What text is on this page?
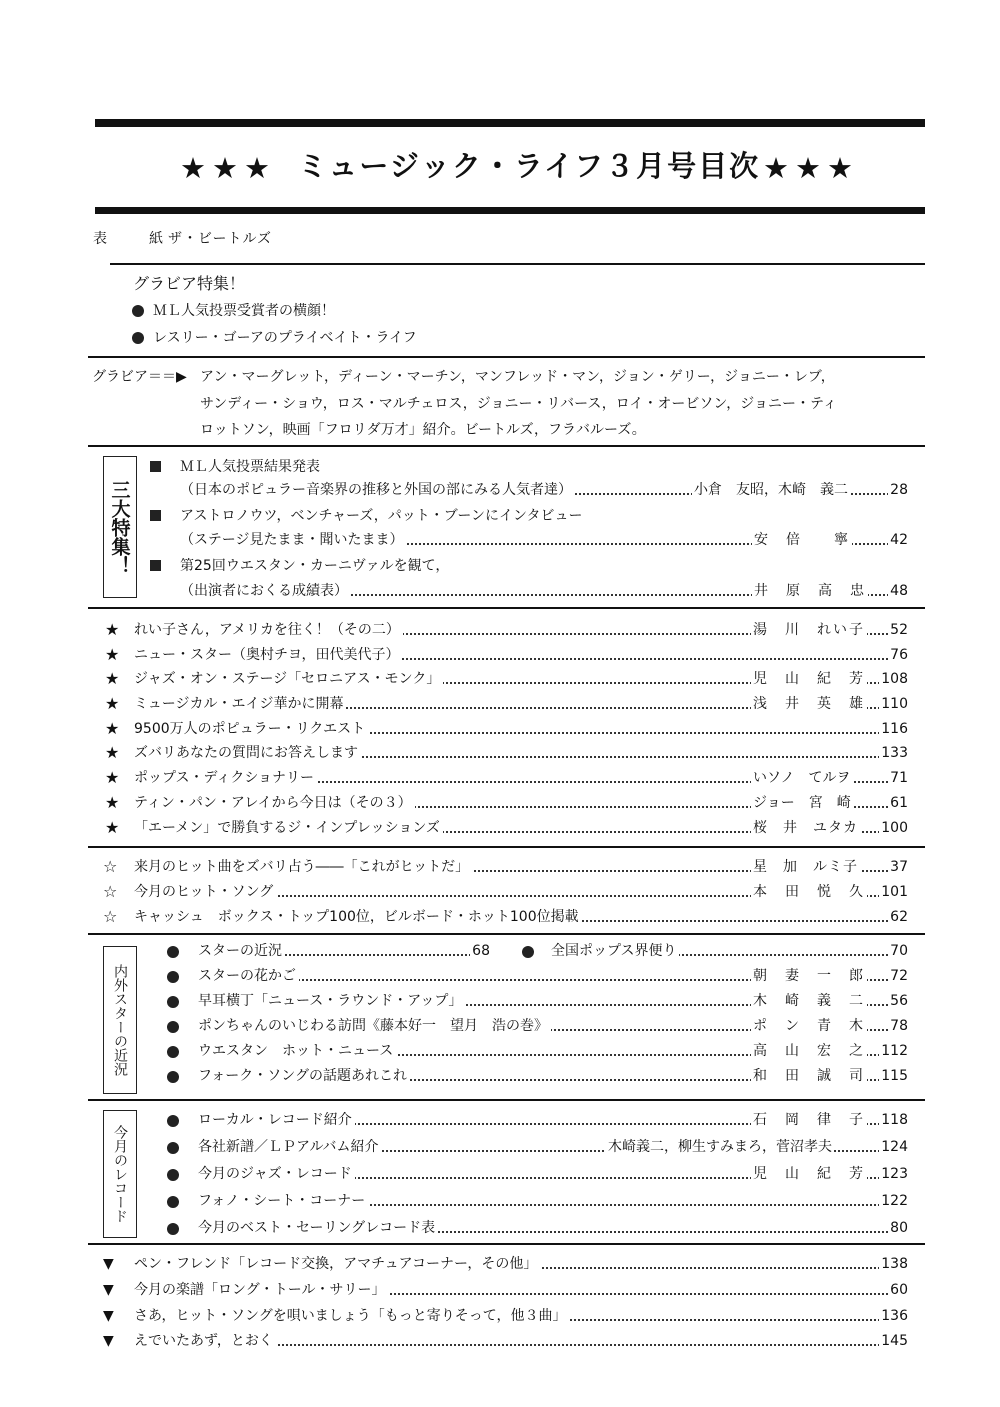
★★★ ミュージック・ライフ３月号目次 ★★★
表　紙
ザ・ビートルズ
グラビア特集！
ＭＬ人気投票受賞者の横顔！
レスリー・ゴーアのプライベイト・ライフ
グラビア＝＝▶ アン・マーグレット，ディーン・マーチン，マンフレッド・マン，ジョン・ゲリー，ジョニー・レブ，
サンディー・ショウ，ロス・マルチェロス，ジョニー・リバース，ロイ・オービソン，ジョニー・ティ
ロットソン，映画「フロリダ万才」紹介。ビートルズ，フラバルーズ。
三大特集！
ＭＬ人気投票結果発表
（日本のポピュラー音楽界の推移と外国の部にみる人気者達）	小倉　友昭，木崎　義二	28
アストロノウツ，ベンチャーズ，パット・ブーンにインタビュー
（ステージ見たまま・聞いたまま）	安　倍　　寧	42
第25回ウエスタン・カーニヴァルを観て，
（出演者におくる成績表）	井　原　高　忠 48
★ れい子さん，アメリカを往く！（その二）	湯　川　れい子 52
★ ニュー・スター（奥村チヨ，田代美代子）	76
★ ジャズ・オン・ステージ「セロニアス・モンク」	児　山　紀　芳 108
★ ミュージカル・エイジ華かに開幕	浅　井　英　雄 110
★ 9500万人のポピュラー・リクエスト	116
★ ズバリあなたの質問にお答えします	133
★ ポップス・ディクショナリー	いソノ　てルヲ	71
★ ティン・パン・アレイから今日は（その３）	ジョー　宮　崎	61
★ 「エーメン」で勝負するジ・インプレッションズ	桜　井　ユタカ 100
☆ 来月のヒット曲をズバリ占う――「これがヒットだ」	星　加　ルミ子 37
☆ 今月のヒット・ソング	本　田　悦　久 101
☆ キャッシュ　ボックス・トップ100位，ビルボード・ホット100位掲載	62
内外スターの近況
スターの近況	68	全国ポップス界便り	70
スターの花かご	朝　妻　一　郎 72
早耳横丁「ニュース・ラウンド・アップ」	木　崎　義　二 56
ポンちゃんのいじわる訪問《藤本好一　望月　浩の巻》	ポ　ン　青　木 78
ウエスタン　ホット・ニュース	高　山　宏　之 112
フォーク・ソングの話題あれこれ	和　田　誠　司 115
今月のレコード
ローカル・レコード紹介	石　岡　律　子 118
各社新譜／ＬＰアルバム紹介	木崎義二，柳生すみまろ，菅沼孝夫	124
今月のジャズ・レコード	児　山　紀　芳 123
フォノ・シート・コーナー	122
今月のベスト・セーリングレコード表	80
▼ ペン・フレンド「レコード交換，アマチュアコーナー，その他」	138
▼ 今月の楽譜「ロング・トール・サリー」	60
▼ さあ，ヒット・ソングを唄いましょう「もっと寄りそって，他３曲」	136
▼ えでいたあず，とおく	145
